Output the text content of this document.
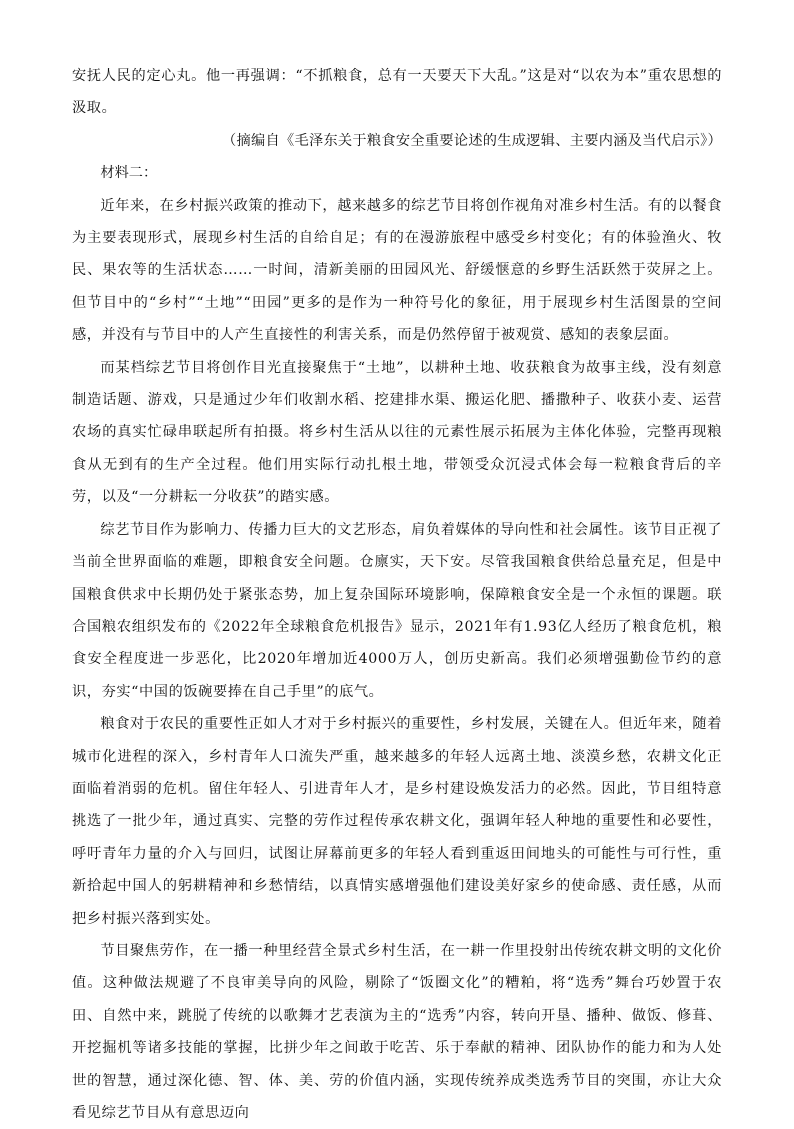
安抚人民的定心丸。他一再强调：“不抓粮食，总有一天要天下大乱。”这是对“以农为本”重农思想的汲取。

（摘编自《毛泽东关于粮食安全重要论述的生成逻辑、主要内涵及当代启示》）

材料二：

近年来，在乡村振兴政策的推动下，越来越多的综艺节目将创作视角对准乡村生活。有的以餐食为主要表现形式，展现乡村生活的自给自足；有的在漫游旅程中感受乡村变化；有的体验渔火、牧民、果农等的生活状态……一时间，清新美丽的田园风光、舒缓惬意的乡野生活跃然于荧屏之上。但节目中的“乡村”“土地”“田园”更多的是作为一种符号化的象征，用于展现乡村生活图景的空间感，并没有与节目中的人产生直接性的利害关系，而是仍然停留于被观赏、感知的表象层面。

而某档综艺节目将创作目光直接聚焦于“土地”，以耕种土地、收获粮食为故事主线，没有刻意制造话题、游戏，只是通过少年们收割水稻、挖建排水渠、搬运化肥、播撒种子、收获小麦、运营农场的真实忙碌串联起所有拍摄。将乡村生活从以往的元素性展示拓展为主体化体验，完整再现粮食从无到有的生产全过程。他们用实际行动扎根土地，带领受众沉浸式体会每一粒粮食背后的辛劳，以及“一分耕耘一分收获”的踏实感。

综艺节目作为影响力、传播力巨大的文艺形态，肩负着媒体的导向性和社会属性。该节目正视了当前全世界面临的难题，即粮食安全问题。仓廪实，天下安。尽管我国粮食供给总量充足，但是中国粮食供求中长期仍处于紧张态势，加上复杂国际环境影响，保障粮食安全是一个永恒的课题。联合国粮农组织发布的《2022年全球粮食危机报告》显示，2021年有1.93亿人经历了粮食危机，粮食安全程度进一步恶化，比2020年增加近4000万人，创历史新高。我们必须增强勤俭节约的意识，夯实“中国的饭碗要捧在自己手里”的底气。

粮食对于农民的重要性正如人才对于乡村振兴的重要性，乡村发展，关键在人。但近年来，随着城市化进程的深入，乡村青年人口流失严重，越来越多的年轻人远离土地、淡漠乡愁，农耕文化正面临着消弱的危机。留住年轻人、引进青年人才，是乡村建设焕发活力的必然。因此，节目组特意挑选了一批少年，通过真实、完整的劳作过程传承农耕文化，强调年轻人种地的重要性和必要性，呼吁青年力量的介入与回归，试图让屏幕前更多的年轻人看到重返田间地头的可能性与可行性，重新拾起中国人的躬耕精神和乡愁情结，以真情实感增强他们建设美好家乡的使命感、责任感，从而把乡村振兴落到实处。

节目聚焦劳作，在一播一种里经营全景式乡村生活，在一耕一作里投射出传统农耕文明的文化价值。这种做法规避了不良审美导向的风险，剔除了“饭圈文化”的糟粕，将“选秀”舞台巧妙置于农田、自然中来，跳脱了传统的以歌舞才艺表演为主的“选秀”内容，转向开垦、播种、做饭、修葺、开挖掘机等诸多技能的掌握，比拼少年之间敢于吃苦、乐于奉献的精神、团队协作的能力和为人处世的智慧，通过深化德、智、体、美、劳的价值内涵，实现传统养成类选秀节目的突围，亦让大众看见综艺节目从有意思迈向
